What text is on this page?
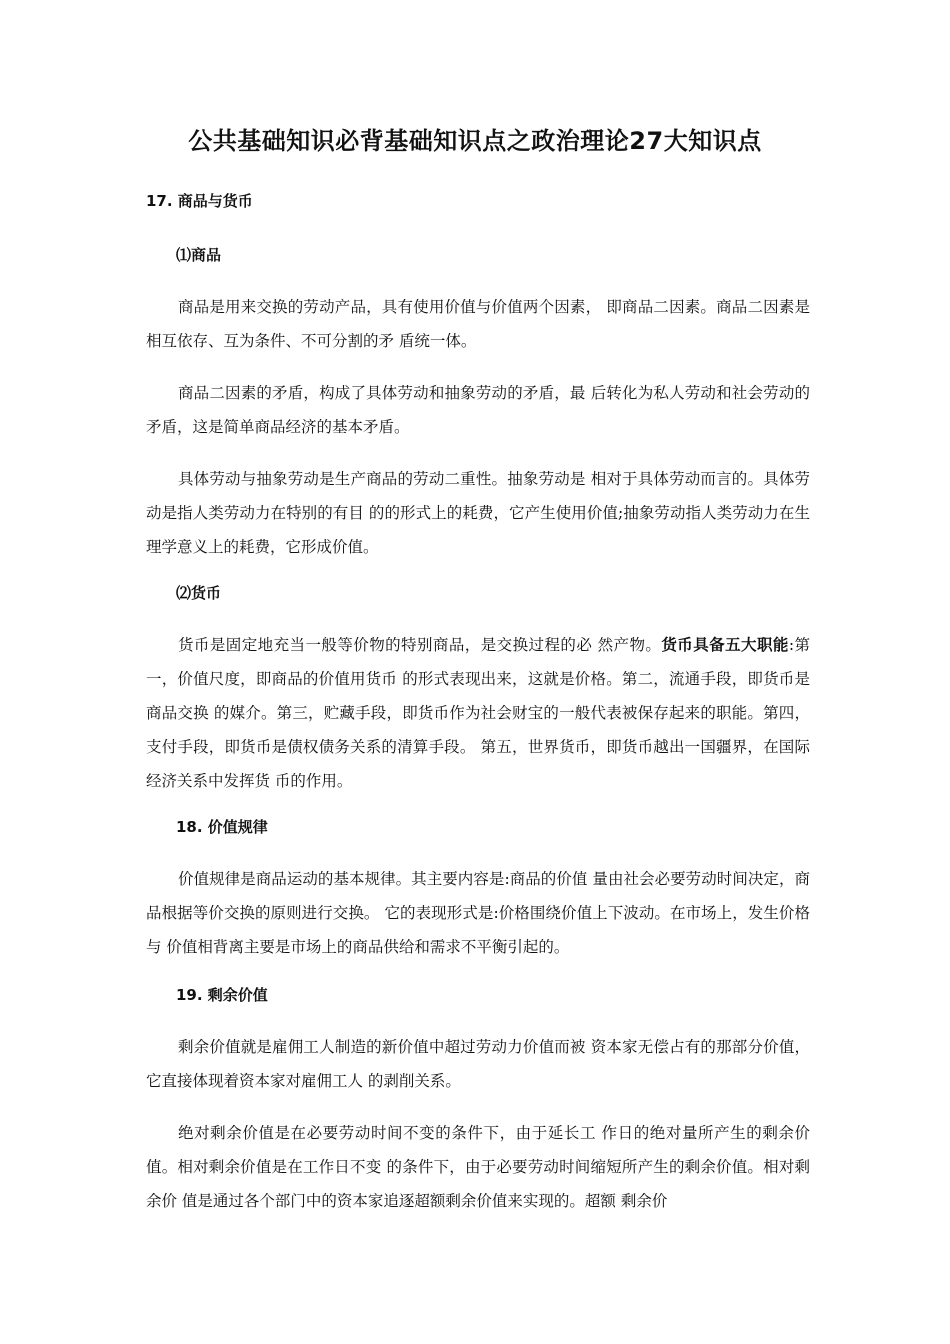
公共基础知识必背基础知识点之政治理论27大知识点
17. 商品与货币
⑴商品

商品是用来交换的劳动产品，具有使用价值与价值两个因素， 即商品二因素。商品二因素是相互依存、互为条件、不可分割的矛 盾统一体。

商品二因素的矛盾，构成了具体劳动和抽象劳动的矛盾，最 后转化为私人劳动和社会劳动的矛盾，这是简单商品经济的基本矛盾。

具体劳动与抽象劳动是生产商品的劳动二重性。抽象劳动是 相对于具体劳动而言的。具体劳动是指人类劳动力在特别的有目 的的形式上的耗费，它产生使用价值;抽象劳动指人类劳动力在生 理学意义上的耗费，它形成价值。

⑵货币

货币是固定地充当一般等价物的特别商品，是交换过程的必 然产物。货币具备五大职能:第一，价值尺度，即商品的价值用货币 的形式表现出来，这就是价格。第二，流通手段，即货币是商品交换 的媒介。第三，贮藏手段，即货币作为社会财宝的一般代表被保存起来的职能。第四，支付手段，即货币是债权债务关系的清算手段。 第五，世界货币，即货币越出一国疆界，在国际经济关系中发挥货 币的作用。

18. 价值规律

价值规律是商品运动的基本规律。其主要内容是:商品的价值 量由社会必要劳动时间决定，商品根据等价交换的原则进行交换。 它的表现形式是:价格围绕价值上下波动。在市场上，发生价格与 价值相背离主要是市场上的商品供给和需求不平衡引起的。

19. 剩余价值

剩余价值就是雇佣工人制造的新价值中超过劳动力价值而被 资本家无偿占有的那部分价值，它直接体现着资本家对雇佣工人 的剥削关系。

绝对剩余价值是在必要劳动时间不变的条件下，由于延长工 作日的绝对量所产生的剩余价值。相对剩余价值是在工作日不变 的条件下，由于必要劳动时间缩短所产生的剩余价值。相对剩余价 值是通过各个部门中的资本家追逐超额剩余价值来实现的。超额 剩余价
